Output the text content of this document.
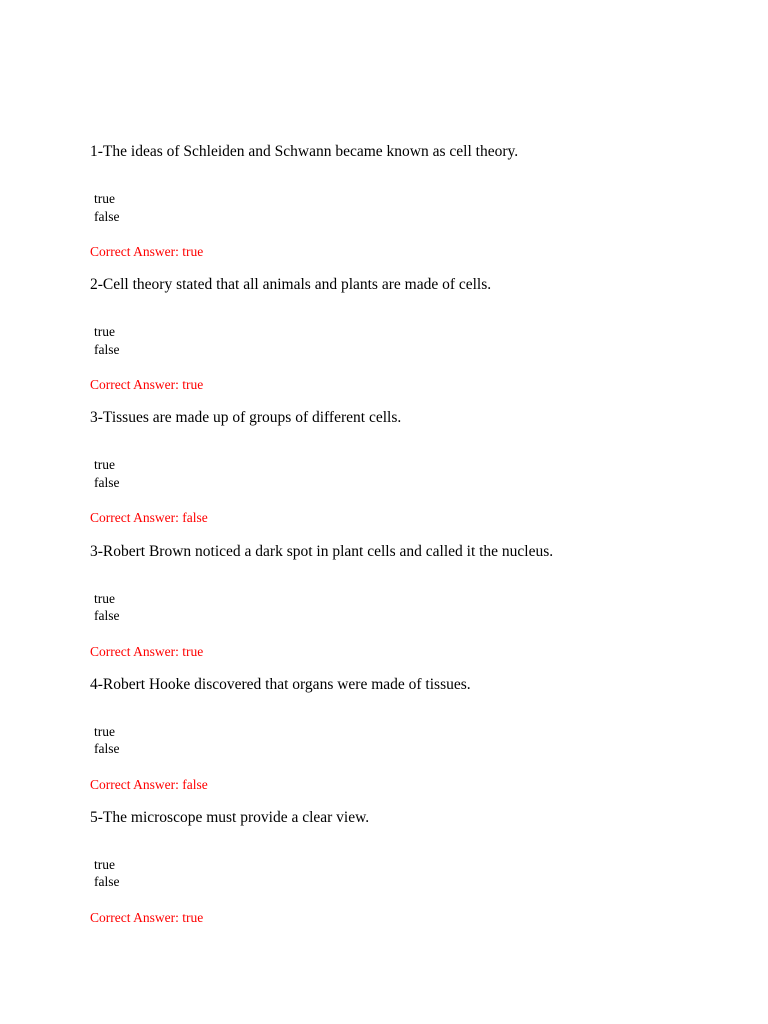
1-The ideas of Schleiden and Schwann became known as cell theory.
true
false
Correct Answer: true
2-Cell theory stated that all animals and plants are made of cells.
true
false
Correct Answer: true
3-Tissues are made up of groups of different cells.
true
false
Correct Answer: false
3-Robert Brown noticed a dark spot in plant cells and called it the nucleus.
true
false
Correct Answer: true
4-Robert Hooke discovered that organs were made of tissues.
true
false
Correct Answer: false
5-The microscope must provide a clear view.
true
false
Correct Answer: true
